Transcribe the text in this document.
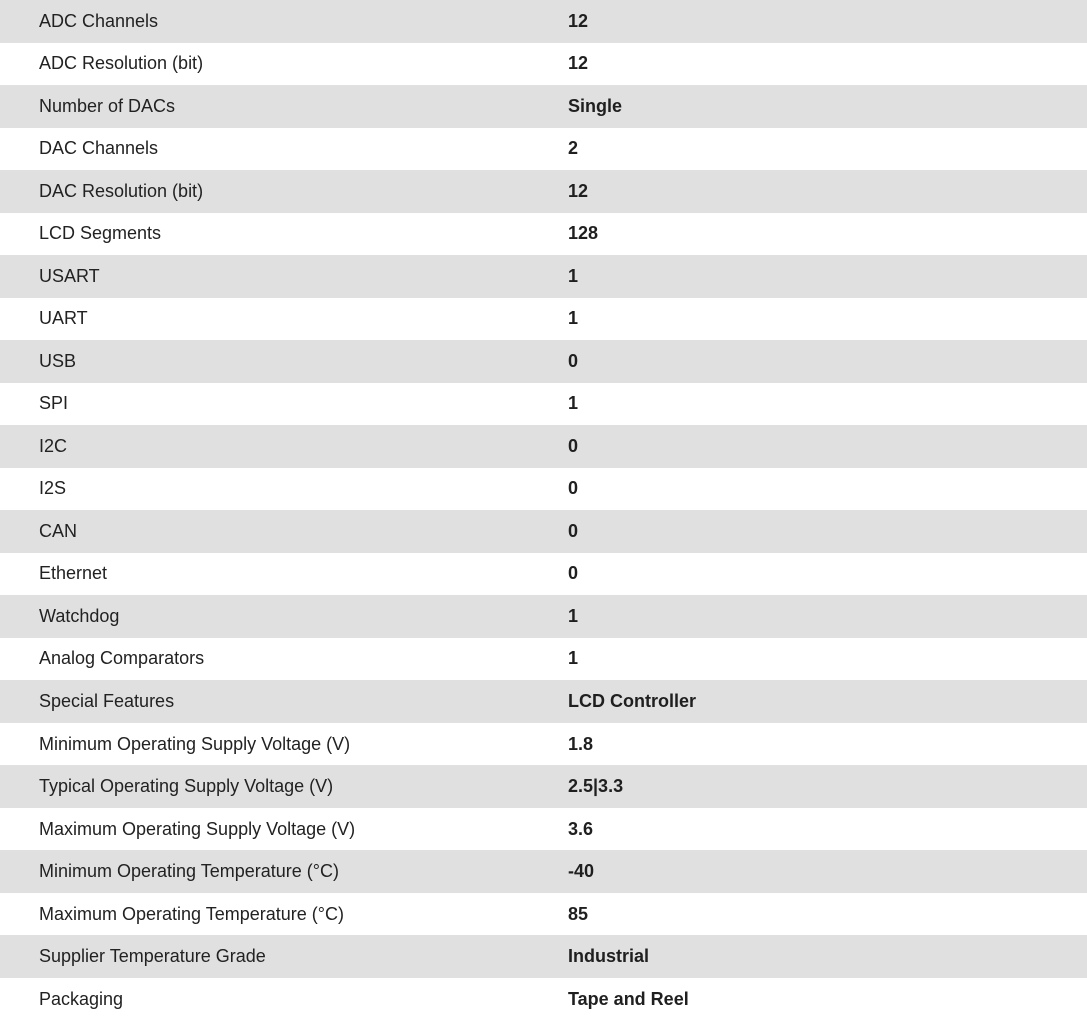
ADC Channels	12
ADC Resolution (bit)	12
Number of DACs	Single
DAC Channels	2
DAC Resolution (bit)	12
LCD Segments	128
USART	1
UART	1
USB	0
SPI	1
I2C	0
I2S	0
CAN	0
Ethernet	0
Watchdog	1
Analog Comparators	1
Special Features	LCD Controller
Minimum Operating Supply Voltage (V)	1.8
Typical Operating Supply Voltage (V)	2.5|3.3
Maximum Operating Supply Voltage (V)	3.6
Minimum Operating Temperature (°C)	-40
Maximum Operating Temperature (°C)	85
Supplier Temperature Grade	Industrial
Packaging	Tape and Reel
